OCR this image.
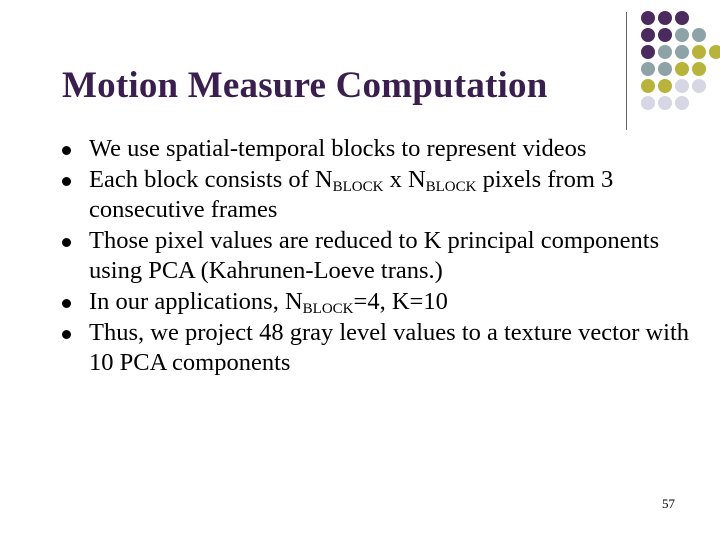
Motion Measure Computation
We use spatial-temporal blocks to represent videos
Each block consists of $N_{BLOCK}$ x $N_{BLOCK}$ pixels from 3 consecutive frames
Those pixel values are reduced to K principal components using PCA (Kahrunen-Loeve trans.)
In our applications, $N_{BLOCK}=4$, K=10
Thus, we project 48 gray level values to a texture vector with 10 PCA components
57
